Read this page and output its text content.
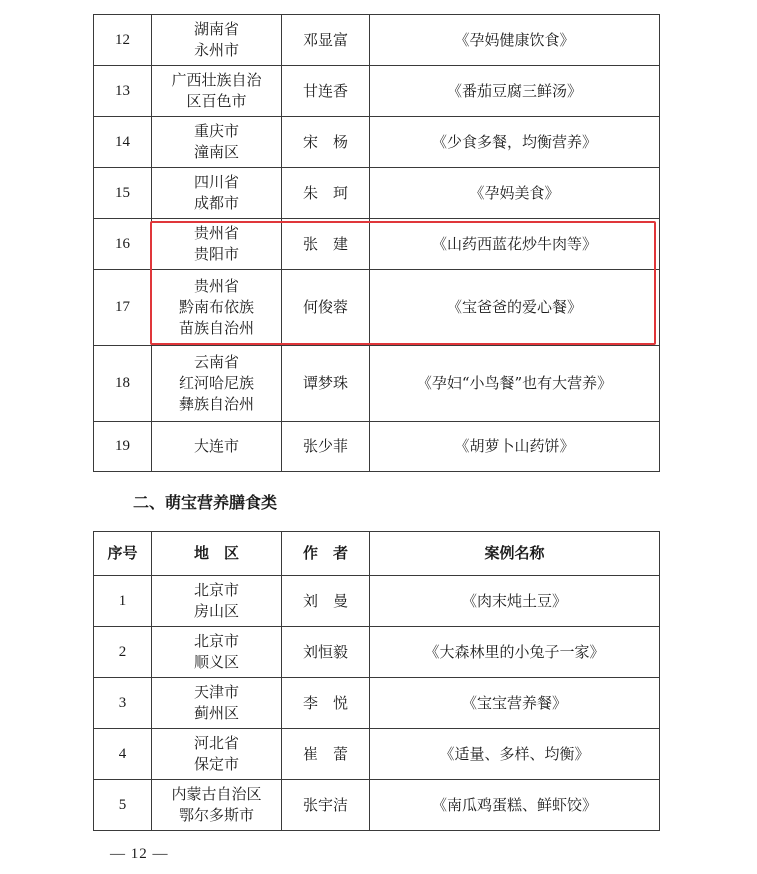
12	湖南省
永州市	邓显富	《孕妈健康饮食》
13	广西壮族自治
区百色市	甘连香	《番茄豆腐三鲜汤》
14	重庆市
潼南区	宋　杨	《少食多餐，均衡营养》
15	四川省
成都市	朱　珂	《孕妈美食》
16	贵州省
贵阳市	张　建	《山药西蓝花炒牛肉等》
17	贵州省
黔南布依族
苗族自治州	何俊蓉	《宝爸爸的爱心餐》
18	云南省
红河哈尼族
彝族自治州	谭梦珠	《孕妇“小鸟餐”也有大营养》
19	大连市	张少菲	《胡萝卜山药饼》
二、萌宝营养膳食类
序号	地　区	作　者	案例名称
1	北京市
房山区	刘　曼	《肉末炖土豆》
2	北京市
顺义区	刘恒毅	《大森林里的小兔子一家》
3	天津市
蓟州区	李　悦	《宝宝营养餐》
4	河北省
保定市	崔　蕾	《适量、多样、均衡》
5	内蒙古自治区
鄂尔多斯市	张宇洁	《南瓜鸡蛋糕、鲜虾饺》
— 12 —
